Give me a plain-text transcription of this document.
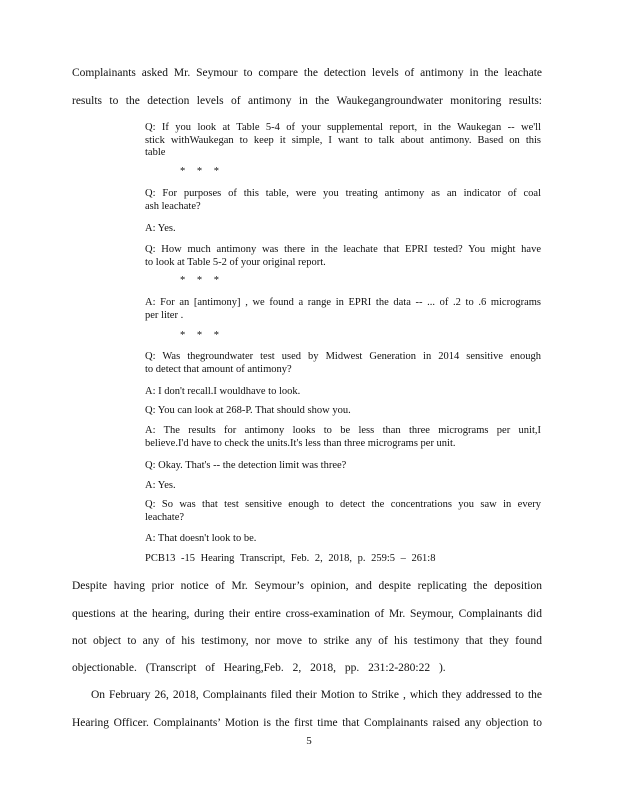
Complainants asked Mr. Seymour to compare the detection levels of antimony in the leachate
results to the detection levels of antimony in the Waukegangroundwater monitoring results:
Q: If you look at Table 5-4 of your supplemental report, in the Waukegan -- we'll
stick withWaukegan to keep it simple, I want to talk about antimony. Based on this
table
* * *
Q: For purposes of this table, were you treating antimony as an indicator of coal
ash leachate?
A: Yes.
Q: How much antimony was there in the leachate that EPRI tested? You might have
to look at Table 5-2 of your original report.
* * *
A: For an [antimony] , we found a range in EPRI the data -- ... of .2 to .6 micrograms
per liter .
* * *
Q: Was thegroundwater test used by Midwest Generation in 2014 sensitive enough
to detect that amount of antimony?
A: I don't recall.I wouldhave to look.
Q: You can look at 268-P. That should show you.
A: The results for antimony looks to be less than three micrograms per unit,I
believe.I'd have to check the units.It's less than three micrograms per unit.
Q: Okay. That's -- the detection limit was three?
A: Yes.
Q: So was that test sensitive enough to detect the concentrations you saw in every
leachate?
A: That doesn't look to be.
PCB13 -15 Hearing Transcript, Feb. 2, 2018, p. 259:5 – 261:8
Despite having prior notice of Mr. Seymour’s opinion, and despite replicating the deposition
questions at the hearing, during their entire cross-examination of Mr. Seymour, Complainants did
not object to any of his testimony, nor move to strike any of his testimony that they found
objectionable. (Transcript of Hearing,Feb. 2, 2018, pp. 231:2-280:22 ).
On February 26, 2018, Complainants filed their Motion to Strike , which they addressed to the
Hearing Officer. Complainants’ Motion is the first time that Complainants raised any objection to
5
